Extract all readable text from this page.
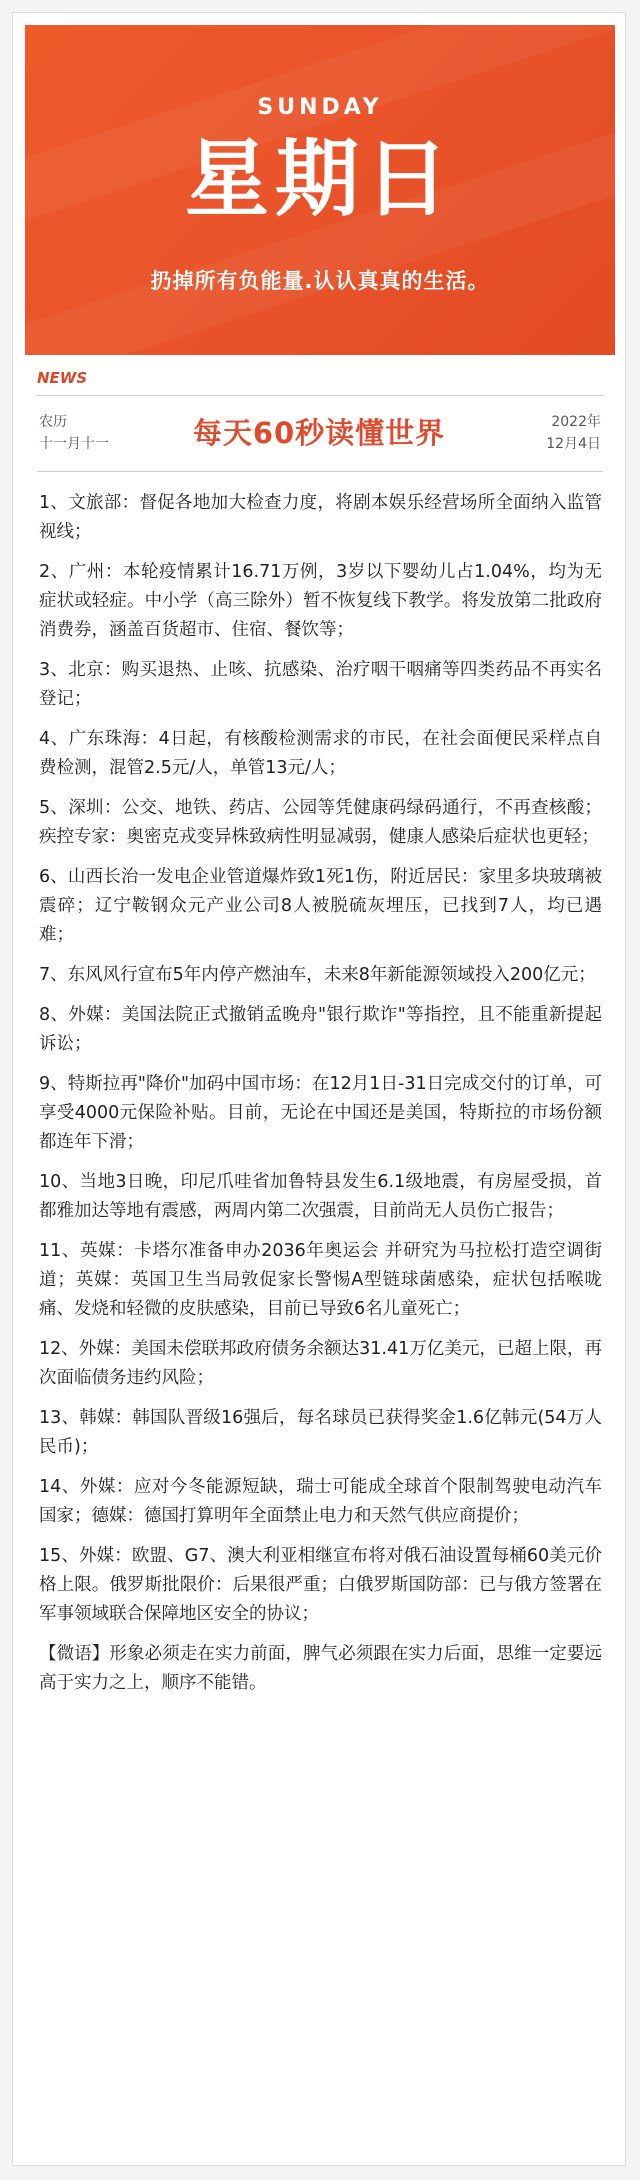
SUNDAY
星期日
扔掉所有负能量.认认真真的生活。
NEWS
农历
十一月十一	每天60秒读懂世界	2022年
12月4日

1、文旅部：督促各地加大检查力度，将剧本娱乐经营场所全面纳入监管视线；

2、广州：本轮疫情累计16.71万例，3岁以下婴幼儿占1.04%，均为无症状或轻症。中小学（高三除外）暂不恢复线下教学。将发放第二批政府消费券，涵盖百货超市、住宿、餐饮等；

3、北京：购买退热、止咳、抗感染、治疗咽干咽痛等四类药品不再实名登记；

4、广东珠海：4日起，有核酸检测需求的市民，在社会面便民采样点自费检测，混管2.5元/人，单管13元/人；

5、深圳：公交、地铁、药店、公园等凭健康码绿码通行，不再查核酸；疾控专家：奥密克戎变异株致病性明显减弱，健康人感染后症状也更轻；

6、山西长治一发电企业管道爆炸致1死1伤，附近居民：家里多块玻璃被震碎；辽宁鞍钢众元产业公司8人被脱硫灰埋压，已找到7人，均已遇难；

7、东风风行宣布5年内停产燃油车，未来8年新能源领域投入200亿元；

8、外媒：美国法院正式撤销孟晚舟"银行欺诈"等指控，且不能重新提起诉讼；

9、特斯拉再"降价"加码中国市场：在12月1日-31日完成交付的订单，可享受4000元保险补贴。目前，无论在中国还是美国，特斯拉的市场份额都连年下滑；

10、当地3日晚，印尼爪哇省加鲁特县发生6.1级地震，有房屋受损，首都雅加达等地有震感，两周内第二次强震，目前尚无人员伤亡报告；

11、英媒：卡塔尔准备申办2036年奥运会 并研究为马拉松打造空调街道；英媒：英国卫生当局敦促家长警惕A型链球菌感染，症状包括喉咙痛、发烧和轻微的皮肤感染，目前已导致6名儿童死亡；

12、外媒：美国未偿联邦政府债务余额达31.41万亿美元，已超上限，再次面临债务违约风险；

13、韩媒：韩国队晋级16强后，每名球员已获得奖金1.6亿韩元(54万人民币)；

14、外媒：应对今冬能源短缺，瑞士可能成全球首个限制驾驶电动汽车国家；德媒：德国打算明年全面禁止电力和天然气供应商提价；

15、外媒：欧盟、G7、澳大利亚相继宣布将对俄石油设置每桶60美元价格上限。俄罗斯批限价：后果很严重；白俄罗斯国防部：已与俄方签署在军事领域联合保障地区安全的协议；

【微语】形象必须走在实力前面，脾气必须跟在实力后面，思维一定要远高于实力之上，顺序不能错。
